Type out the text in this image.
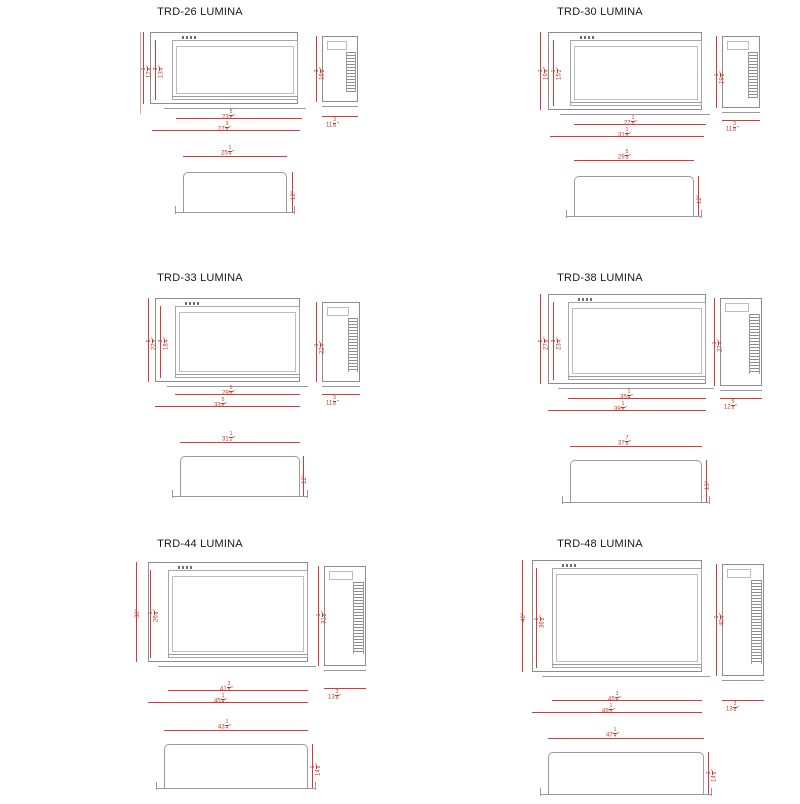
TRD-26 LUMINA
17
1 8
"
13
3 4
"
$23 \frac{5}{8}$ "
$27 \frac{3}{8}$ "
16
3 8
"
$11 \frac{3}{8}$ "
$25 \frac{1}{4}$ "
12"
TRD-30 LUMINA
19
1 4
"
15
1 2
"
$27 \frac{1}{8}$ "
$31 \frac{1}{8}$ "
19
1 8
"
$11 \frac{3}{8}$ "
$29 \frac{5}{8}$ "
12"
TRD-33 LUMINA
22
5 8
"
18
3 4
"
$29 \frac{5}{8}$ "
$33 \frac{5}{8}$ "
22
1 4
"
$11 \frac{3}{8}$ "
$31 \frac{1}{2}$ "
12"
TRD-38 LUMINA
27
5 8
"
23
3 4
"
$35 \frac{1}{4}$ "
$39 \frac{1}{8}$ "
27
1 4
"
$12 \frac{5}{8}$ "
$37 \frac{7}{8}$ "
13"
TRD-44 LUMINA
30"
26
1 8
"
$41 \frac{3}{8}$ "
$45 \frac{1}{4}$ "
31
1 8
"
$13 \frac{3}{8}$ "
$43 \frac{1}{4}$ "
14
1 8
"
TRD-48 LUMINA
40"
36
1 8
"
$45 \frac{1}{4}$ "
$49 \frac{1}{8}$ "
40
1 4
"
$13 \frac{3}{8}$ "
$47 \frac{1}{4}$ "
14
1 8
"
